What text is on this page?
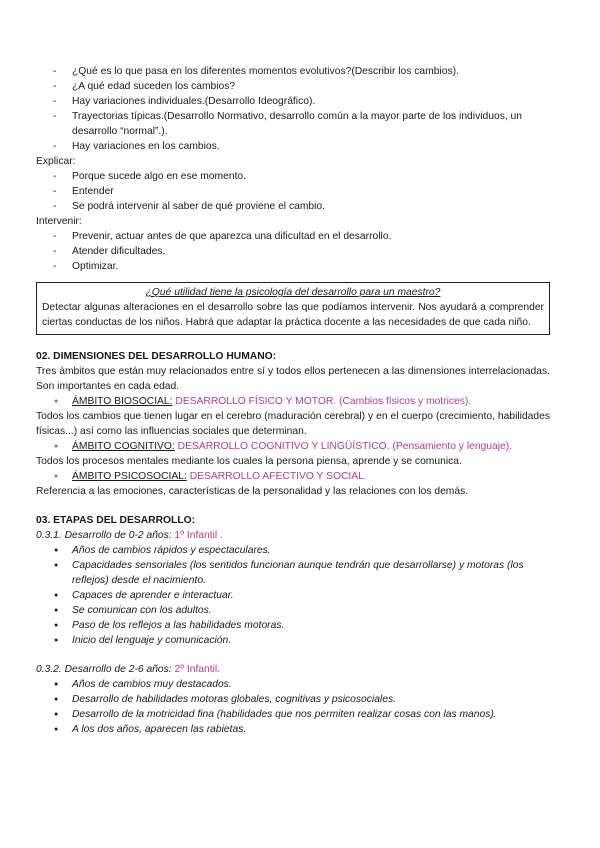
- ¿Qué es lo que pasa en los diferentes momentos evolutivos?(Describir los cambios).
- ¿A qué edad suceden los cambios?
- Hay variaciones individuales.(Desarrollo Ideográfico).
- Trayectorias típicas.(Desarrollo Normativo, desarrollo común a la mayor parte de los individuos, un desarrollo “normal”.).
- Hay variaciones en los cambios.
Explicar:
- Porque sucede algo en ese momento.
- Entender
- Se podrá intervenir al saber de qué proviene el cambio.
Intervenir:
- Prevenir, actuar antes de que aparezca una dificultad en el desarrollo.
- Atender dificultades.
- Optimizar.
¿Qué utilidad tiene la psicología del desarrollo para un maestro?
Detectar algunas alteraciones en el desarrollo sobre las que podíamos intervenir. Nos ayudará a comprender ciertas conductas de los niños. Habrá que adaptar la práctica docente a las necesidades de que cada niño.
02. DIMENSIONES DEL DESARROLLO HUMANO:
Tres ámbitos que están muy relacionados entre sí y todos ellos pertenecen a las dimensiones interrelacionadas. Son importantes en cada edad.
● ÁMBITO BIOSOCIAL: DESARROLLO FÍSICO Y MOTOR. (Cambios físicos y motrices).
Todos los cambios que tienen lugar en el cerebro (maduración cerebral) y en el cuerpo (crecimiento, habilidades físicas...) así como las influencias sociales que determinan.
● ÁMBITO COGNITIVO: DESARROLLO COGNITIVO Y LINGÜÍSTICO. (Pensamiento y lenguaje).
Todos los procesos mentales mediante los cuales la persona piensa, aprende y se comunica.
● ÁMBITO PSICOSOCIAL: DESARROLLO AFECTIVO Y SOCIAL.
Referencia a las emociones, características de la personalidad y las relaciones con los demás.
03. ETAPAS DEL DESARROLLO:
0.3.1. Desarrollo de 0-2 años: 1º Infantil .
● Años de cambios rápidos y espectaculares.
● Capacidades sensoriales (los sentidos funcionan aunque tendrán que desarrollarse) y motoras (los reflejos) desde el nacimiento.
● Capaces de aprender e interactuar.
● Se comunican con los adultos.
● Paso de los reflejos a las habilidades motoras.
● Inicio del lenguaje y comunicación.
0.3.2. Desarrollo de 2-6 años: 2º Infantil.
● Años de cambios muy destacados.
● Desarrollo de habilidades motoras globales, cognitivas y psicosociales.
● Desarrollo de la motricidad fina (habilidades que nos permiten realizar cosas con las manos).
● A los dos años, aparecen las rabietas.
